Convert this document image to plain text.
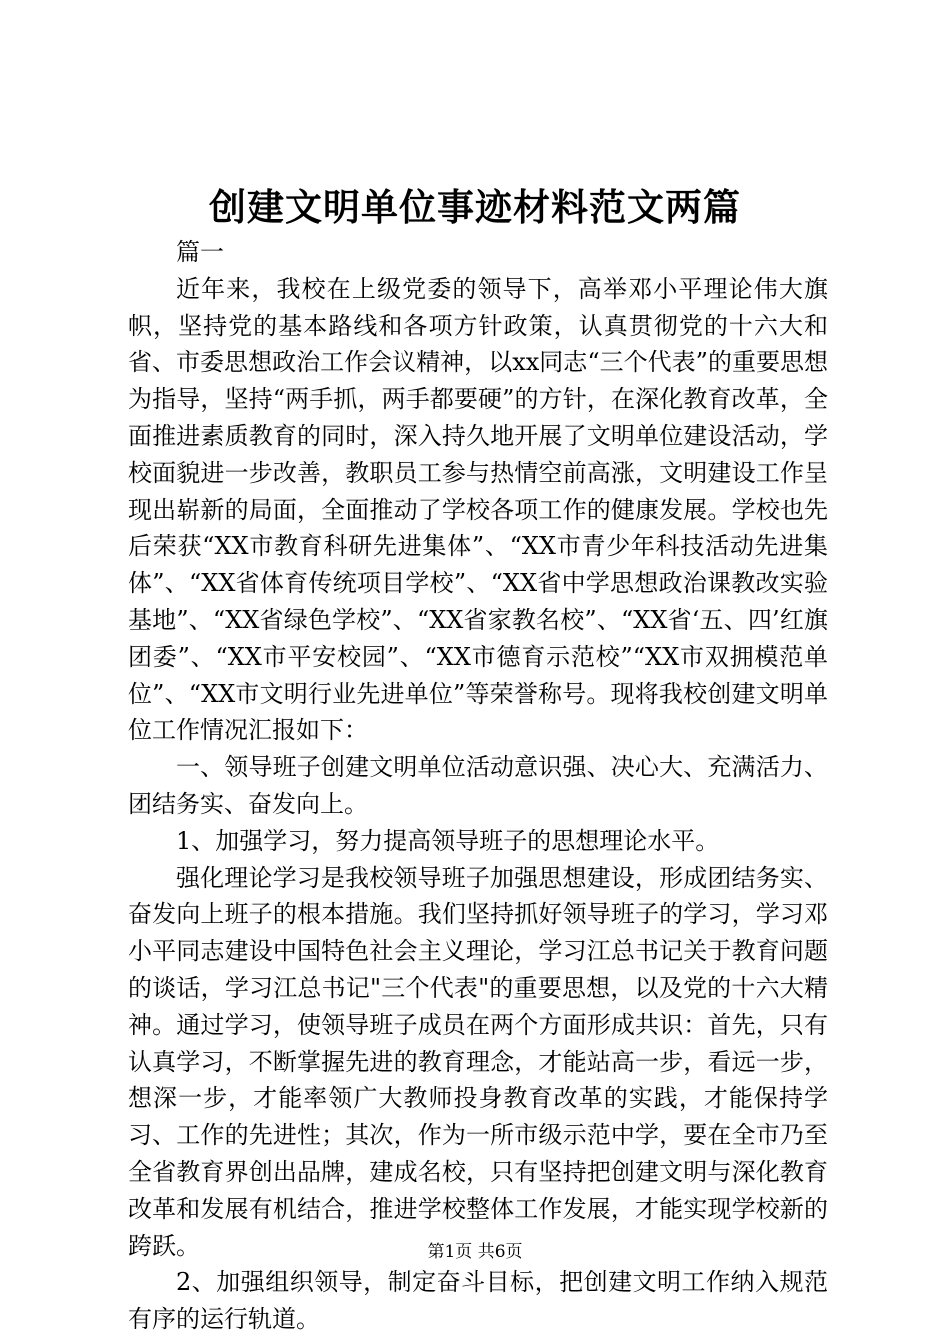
创建文明单位事迹材料范文两篇

篇一

近年来，我校在上级党委的领导下，高举邓小平理论伟大旗帜，坚持党的基本路线和各项方针政策，认真贯彻党的十六大和省、市委思想政治工作会议精神，以xx同志“三个代表”的重要思想为指导，坚持“两手抓，两手都要硬”的方针，在深化教育改革，全面推进素质教育的同时，深入持久地开展了文明单位建设活动，学校面貌进一步改善，教职员工参与热情空前高涨，文明建设工作呈现出崭新的局面，全面推动了学校各项工作的健康发展。学校也先后荣获“XX市教育科研先进集体”、“XX市青少年科技活动先进集体”、“XX省体育传统项目学校”、“XX省中学思想政治课教改实验基地”、“XX省绿色学校”、“XX省家教名校”、“XX省‘五、四’红旗团委”、“XX市平安校园”、“XX市德育示范校”“XX市双拥模范单位”、“XX市文明行业先进单位”等荣誉称号。现将我校创建文明单位工作情况汇报如下：

一、领导班子创建文明单位活动意识强、决心大、充满活力、团结务实、奋发向上。

1、加强学习，努力提高领导班子的思想理论水平。

强化理论学习是我校领导班子加强思想建设，形成团结务实、奋发向上班子的根本措施。我们坚持抓好领导班子的学习，学习邓小平同志建设中国特色社会主义理论，学习江总书记关于教育问题的谈话，学习江总书记"三个代表"的重要思想，以及党的十六大精神。通过学习，使领导班子成员在两个方面形成共识：首先，只有认真学习，不断掌握先进的教育理念，才能站高一步，看远一步，想深一步，才能率领广大教师投身教育改革的实践，才能保持学习、工作的先进性；其次，作为一所市级示范中学，要在全市乃至全省教育界创出品牌，建成名校，只有坚持把创建文明与深化教育改革和发展有机结合，推进学校整体工作发展，才能实现学校新的跨跃。

2、加强组织领导，制定奋斗目标，把创建文明工作纳入规范有序的运行轨道。

第1页 共6页
